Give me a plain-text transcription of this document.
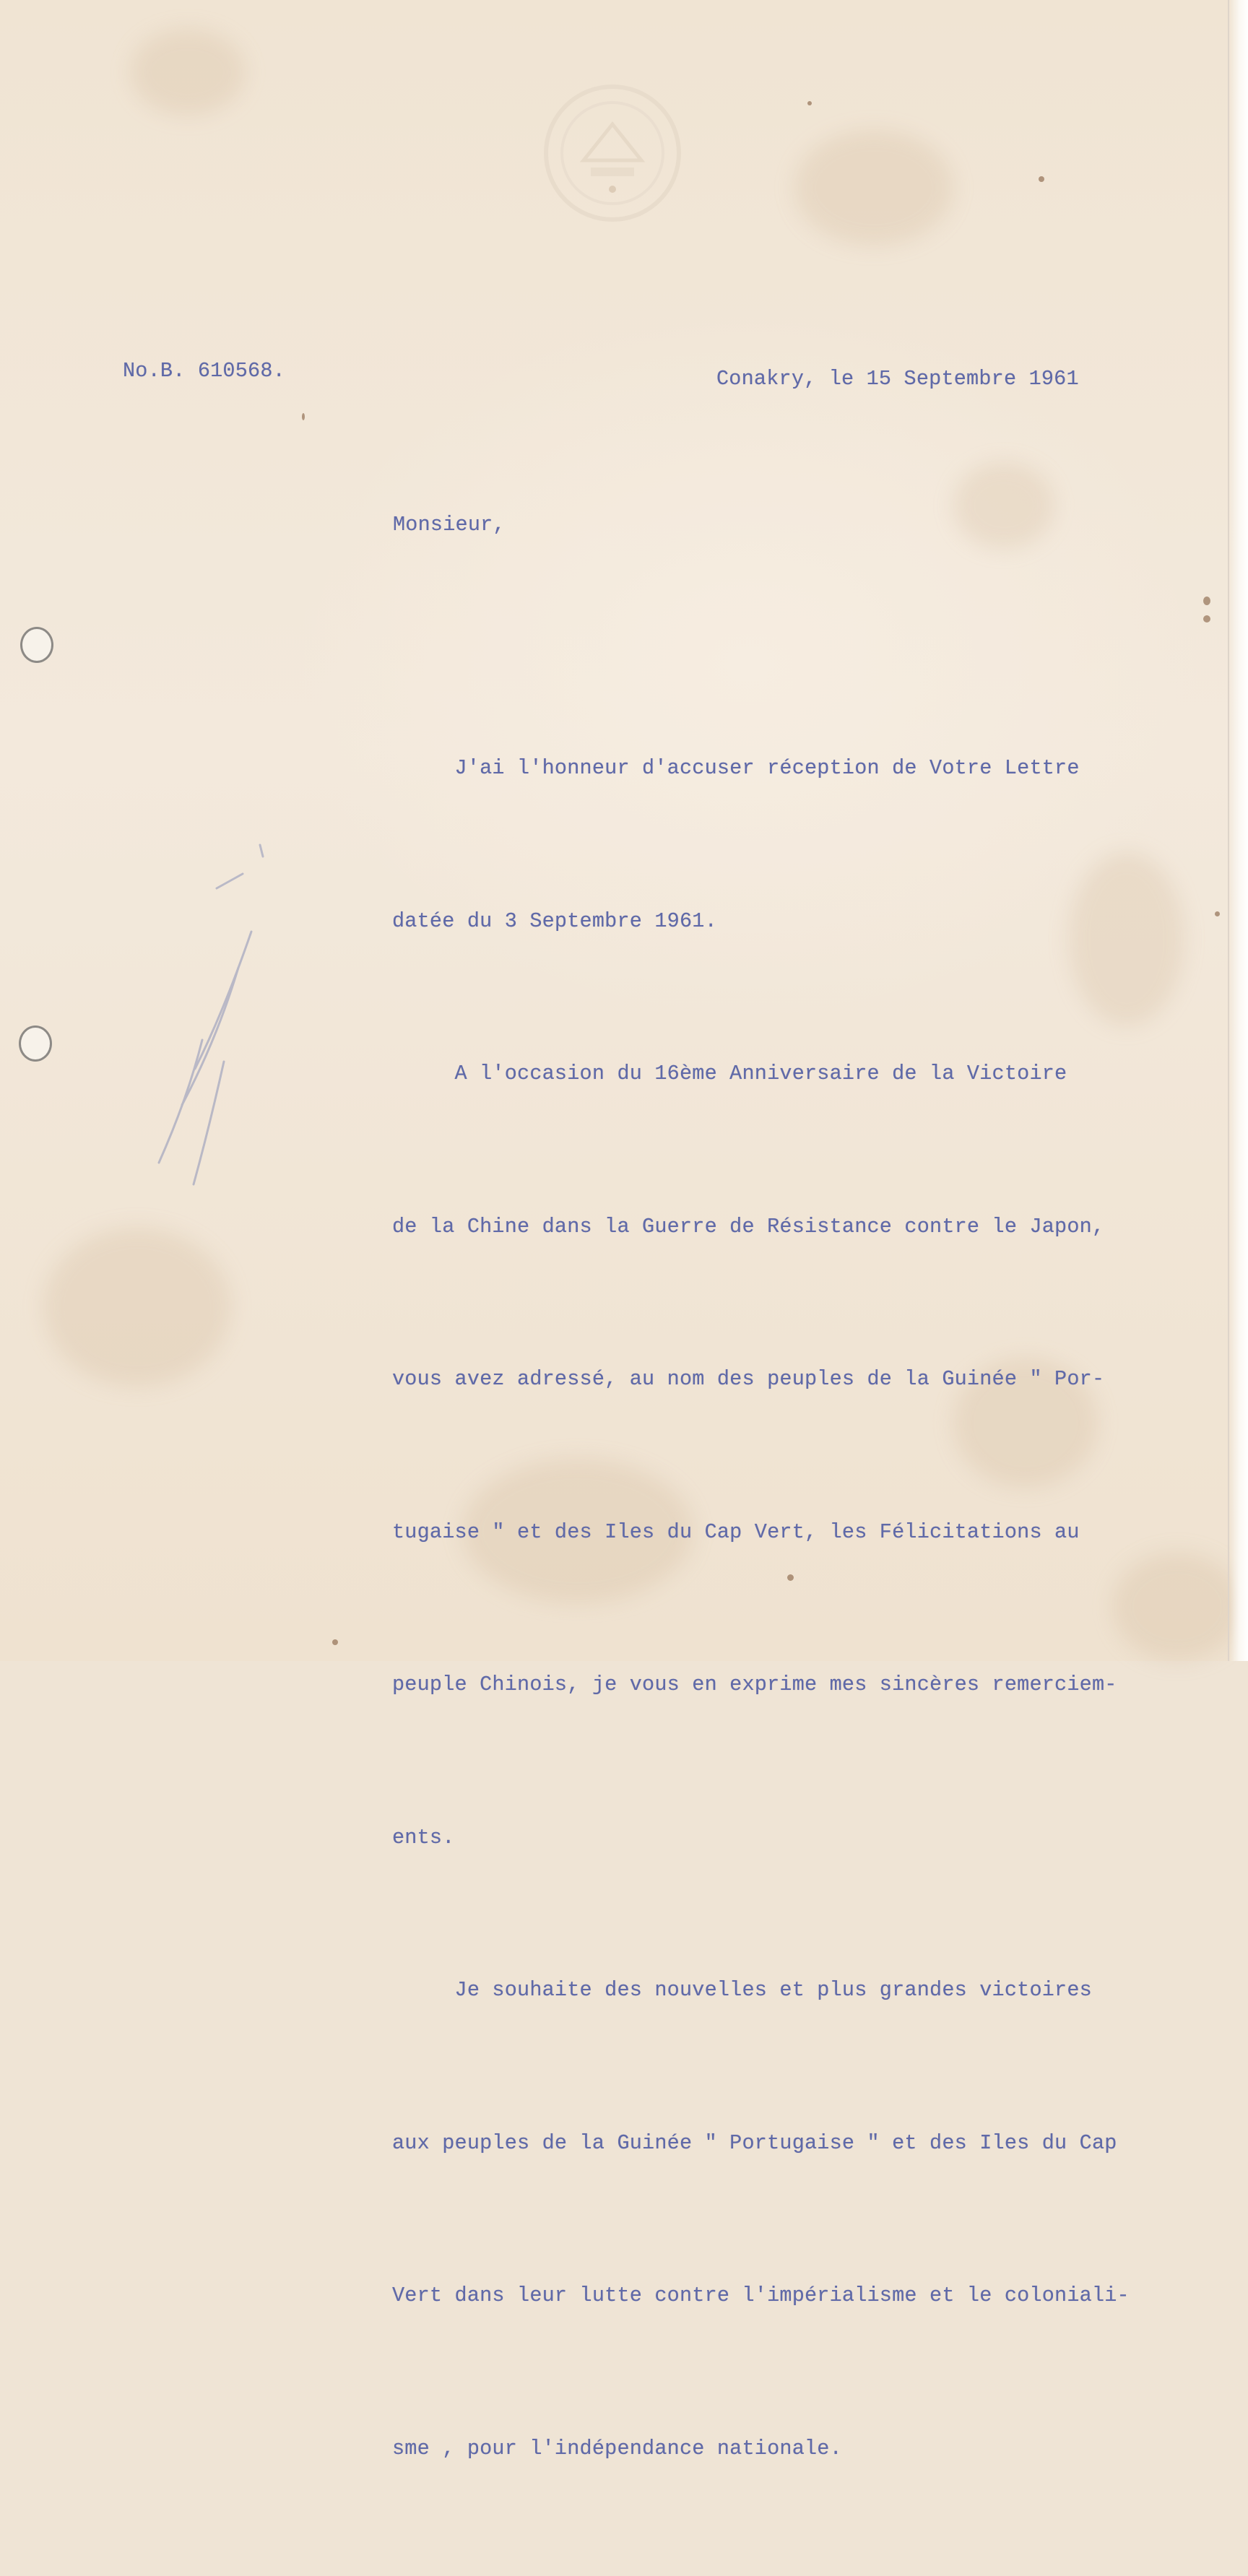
No.B. 610568.	Conakry, le 15 Septembre 1961

Monsieur,

J'ai l'honneur d'accuser réception de Votre Lettre

datée du 3 Septembre 1961.

A l'occasion du 16ème Anniversaire de la Victoire

de la Chine dans la Guerre de Résistance contre le Japon,

vous avez adressé, au nom des peuples de la Guinée " Por-

tugaise " et des Iles du Cap Vert, les Félicitations au

peuple Chinois, je vous en exprime mes sincères remerciem-

ents.

Je souhaite des nouvelles et plus grandes victoires

aux peuples de la Guinée " Portugaise " et des Iles du Cap

Vert dans leur lutte contre l'impérialisme et le coloniali-

sme , pour l'indépendance nationale.
